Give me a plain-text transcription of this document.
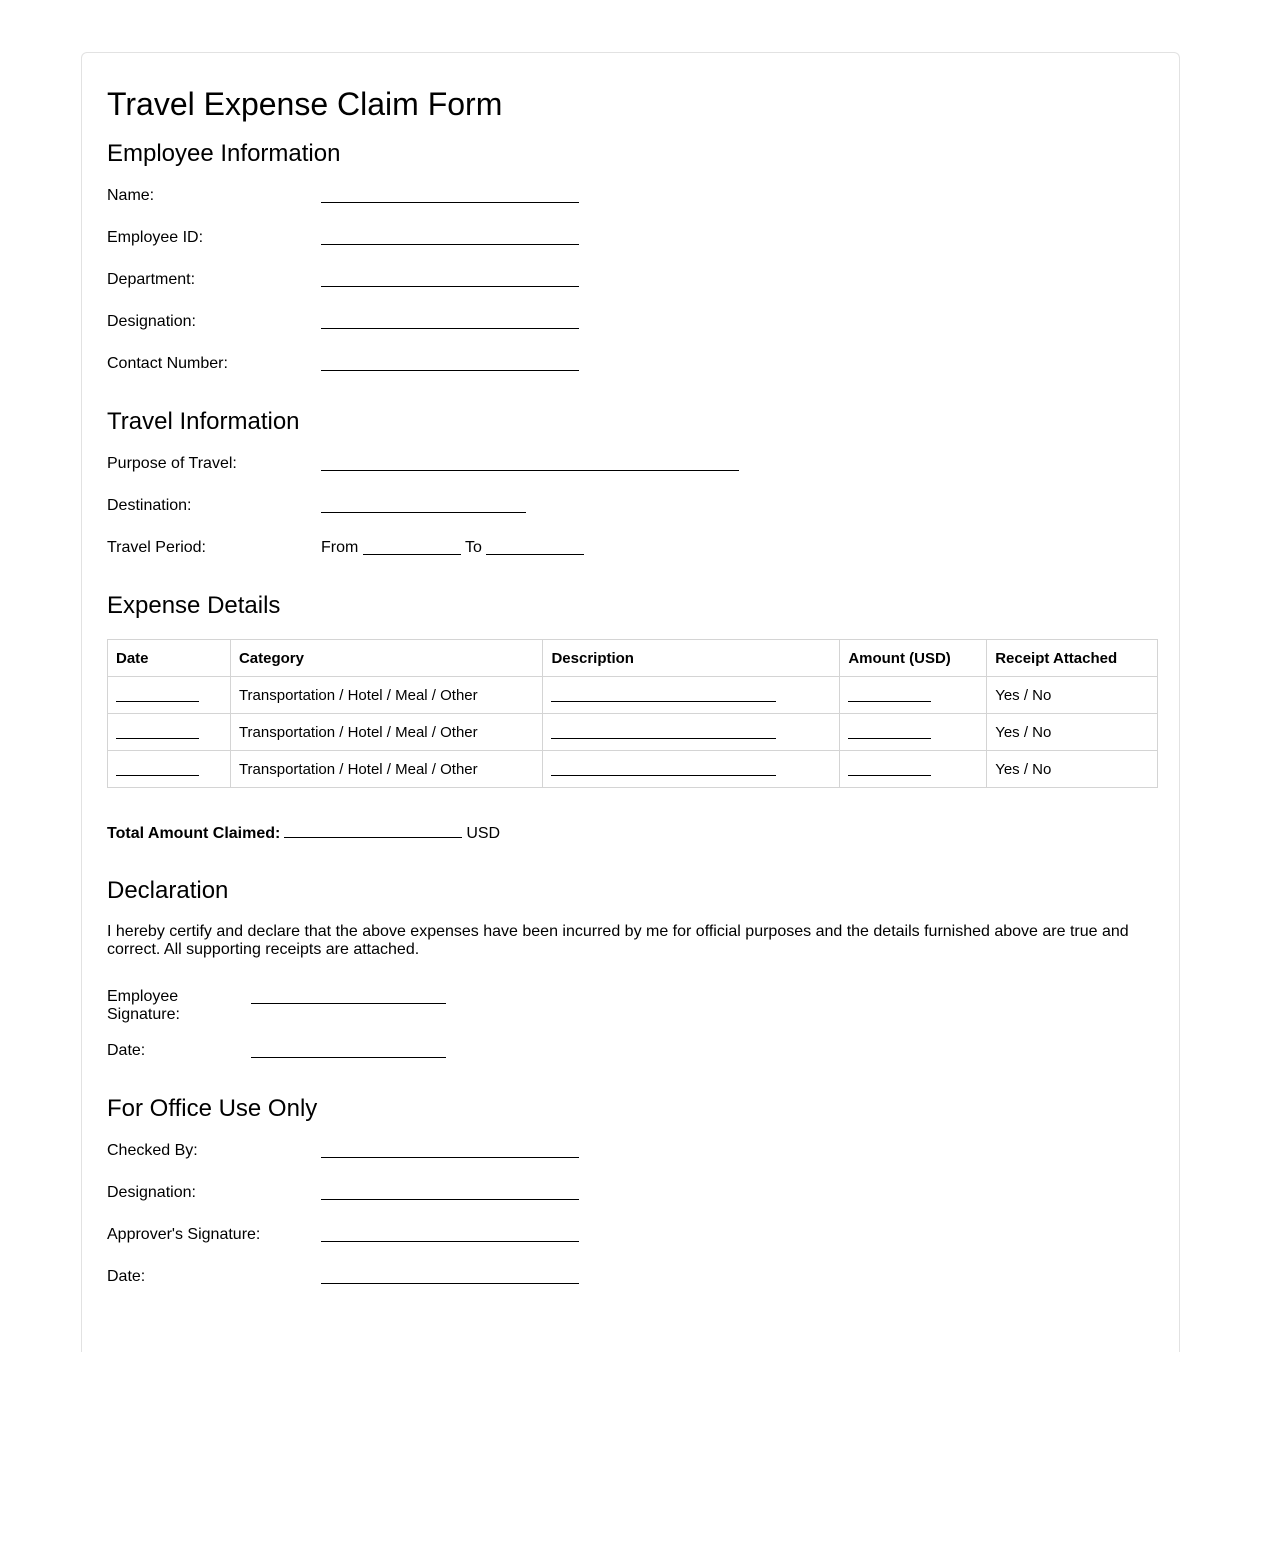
Travel Expense Claim Form
Employee Information
Name:
Employee ID:
Department:
Designation:
Contact Number:
Travel Information
Purpose of Travel:
Destination:
Travel Period:	From	To
Expense Details
Date	Category	Description	Amount (USD)	Receipt Attached
	Transportation / Hotel / Meal / Other			Yes / No
	Transportation / Hotel / Meal / Other			Yes / No
	Transportation / Hotel / Meal / Other			Yes / No
Total Amount Claimed:	USD
Declaration

I hereby certify and declare that the above expenses have been incurred by me for official purposes and the details furnished above are true and correct. All supporting receipts are attached.

Employee Signature:
Date:
For Office Use Only
Checked By:
Designation:
Approver's Signature:
Date:
